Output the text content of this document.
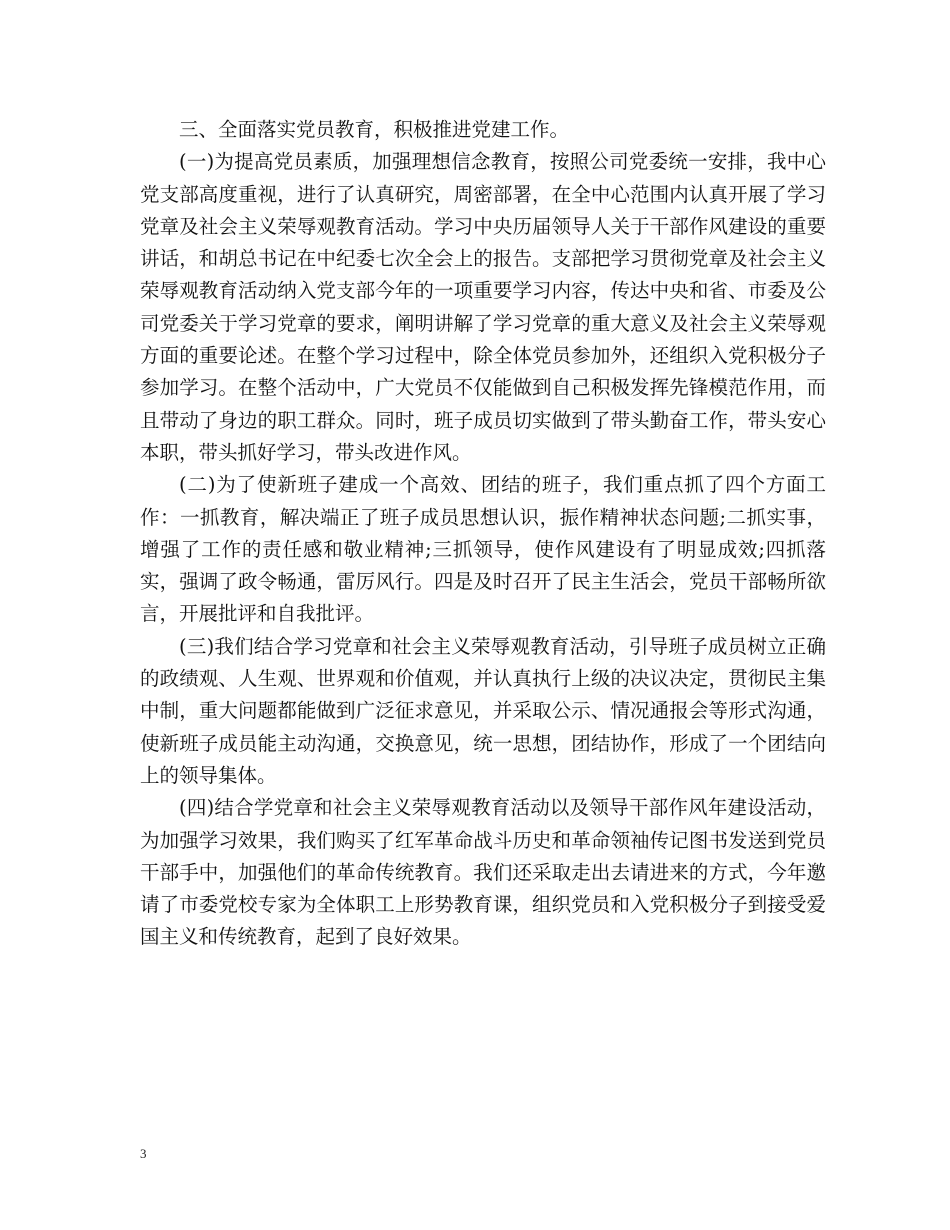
三、全面落实党员教育，积极推进党建工作。

(一)为提高党员素质，加强理想信念教育，按照公司党委统一安排，我中心党支部高度重视，进行了认真研究，周密部署，在全中心范围内认真开展了学习党章及社会主义荣辱观教育活动。学习中央历届领导人关于干部作风建设的重要讲话，和胡总书记在中纪委七次全会上的报告。支部把学习贯彻党章及社会主义荣辱观教育活动纳入党支部今年的一项重要学习内容，传达中央和省、市委及公司党委关于学习党章的要求，阐明讲解了学习党章的重大意义及社会主义荣辱观方面的重要论述。在整个学习过程中，除全体党员参加外，还组织入党积极分子参加学习。在整个活动中，广大党员不仅能做到自己积极发挥先锋模范作用，而且带动了身边的职工群众。同时，班子成员切实做到了带头勤奋工作，带头安心本职，带头抓好学习，带头改进作风。

(二)为了使新班子建成一个高效、团结的班子，我们重点抓了四个方面工作：一抓教育，解决端正了班子成员思想认识，振作精神状态问题;二抓实事，增强了工作的责任感和敬业精神;三抓领导，使作风建设有了明显成效;四抓落实，强调了政令畅通，雷厉风行。四是及时召开了民主生活会，党员干部畅所欲言，开展批评和自我批评。

(三)我们结合学习党章和社会主义荣辱观教育活动，引导班子成员树立正确的政绩观、人生观、世界观和价值观，并认真执行上级的决议决定，贯彻民主集中制，重大问题都能做到广泛征求意见，并采取公示、情况通报会等形式沟通，使新班子成员能主动沟通，交换意见，统一思想，团结协作，形成了一个团结向上的领导集体。

(四)结合学党章和社会主义荣辱观教育活动以及领导干部作风年建设活动，为加强学习效果，我们购买了红军革命战斗历史和革命领袖传记图书发送到党员干部手中，加强他们的革命传统教育。我们还采取走出去请进来的方式，今年邀请了市委党校专家为全体职工上形势教育课，组织党员和入党积极分子到接受爱国主义和传统教育，起到了良好效果。

3
